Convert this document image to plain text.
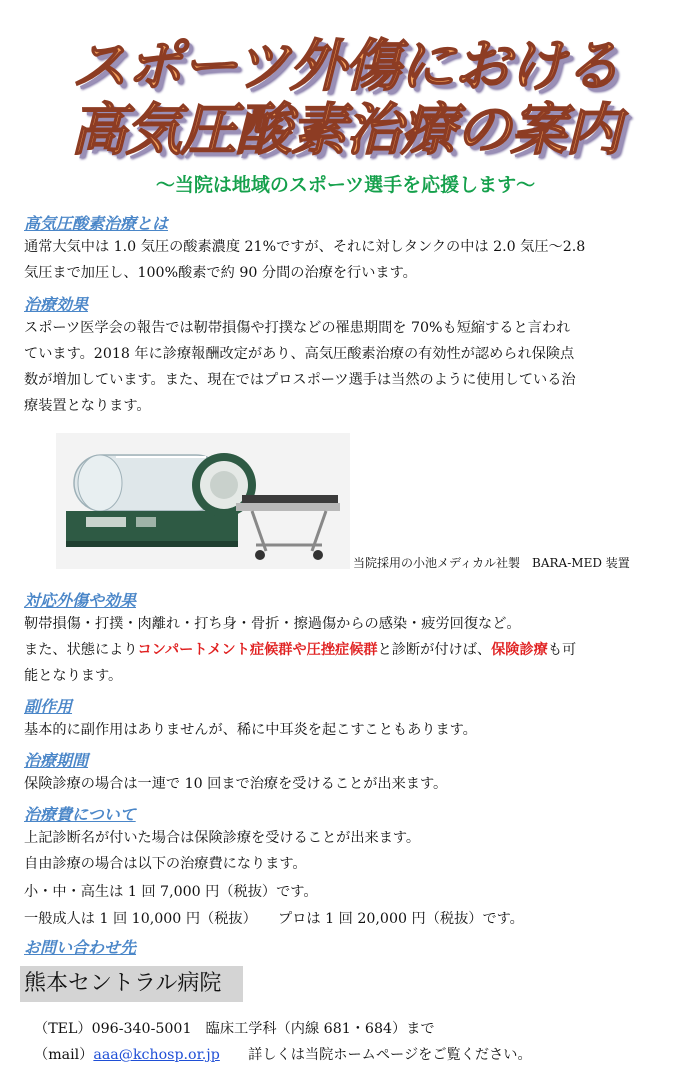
スポーツ外傷における
高気圧酸素治療の案内
～当院は地域のスポーツ選手を応援します～
高気圧酸素治療とは
通常大気中は 1.0 気圧の酸素濃度 21%ですが、それに対しタンクの中は 2.0 気圧～2.8
気圧まで加圧し、100%酸素で約 90 分間の治療を行います。
治療効果
スポーツ医学会の報告では靭帯損傷や打撲などの罹患期間を 70%も短縮すると言われ
ています。2018 年に診療報酬改定があり、高気圧酸素治療の有効性が認められ保険点
数が増加しています。また、現在ではプロスポーツ選手は当然のように使用している治
療装置となります。
当院採用の小池メディカル社製　BARA-MED 装置
対応外傷や効果
靭帯損傷・打撲・肉離れ・打ち身・骨折・擦過傷からの感染・疲労回復など。
また、状態によりコンパートメント症候群や圧挫症候群と診断が付けば、保険診療も可
能となります。
副作用
基本的に副作用はありませんが、稀に中耳炎を起こすこともあります。
治療期間
保険診療の場合は一連で 10 回まで治療を受けることが出来ます。
治療費について
上記診断名が付いた場合は保険診療を受けることが出来ます。
自由診療の場合は以下の治療費になります。
小・中・高生は 1 回 7,000 円（税抜）です。
一般成人は 1 回 10,000 円（税抜）　　プロは 1 回 20,000 円（税抜）です。
お問い合わせ先
熊本セントラル病院
（TEL）096-340-5001　臨床工学科（内線 681・684）まで
（mail）aaa@kchosp.or.jp　　詳しくは当院ホームページをご覧ください。
